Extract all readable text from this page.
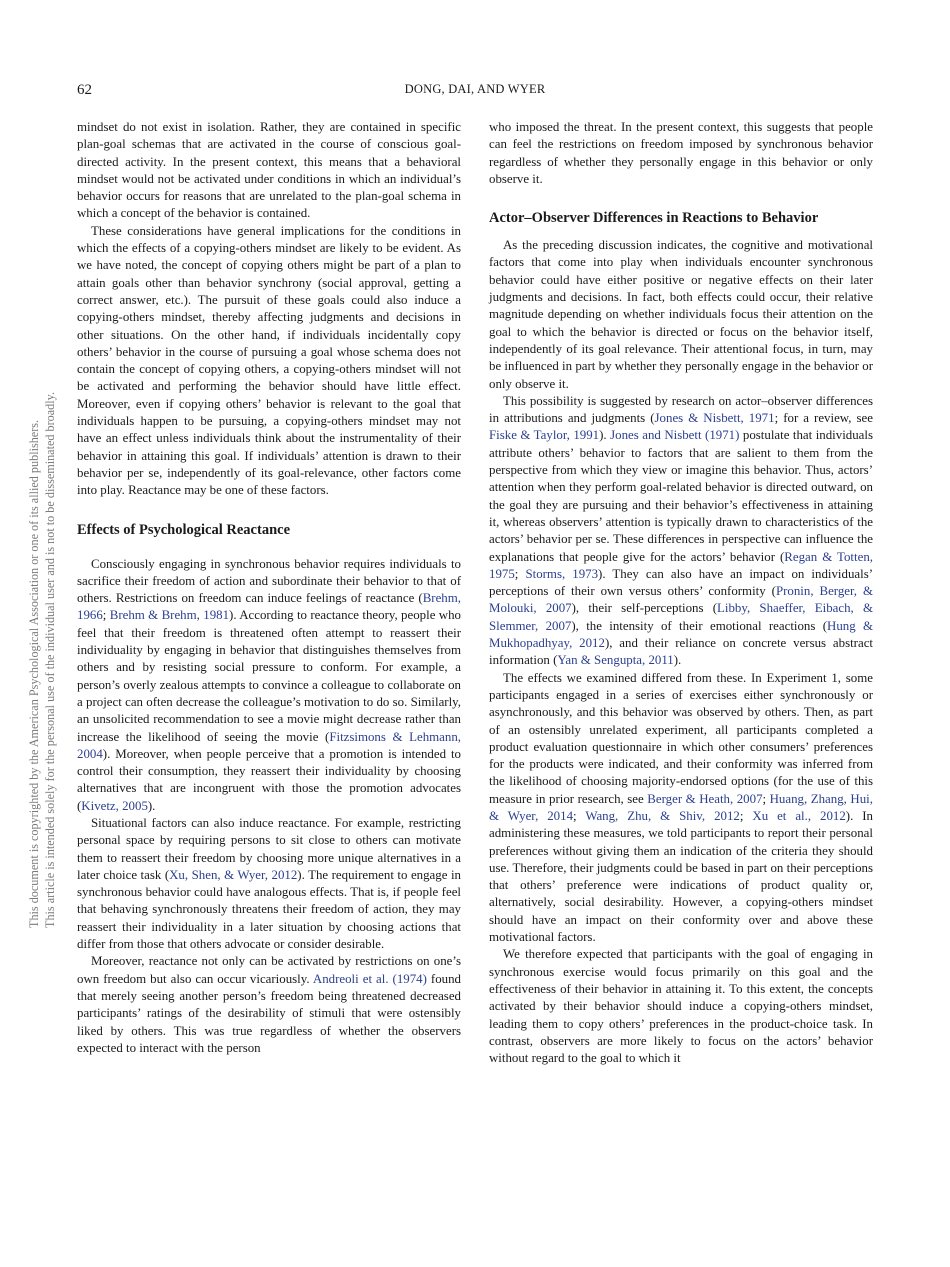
62	DONG, DAI, AND WYER
This document is copyrighted by the American Psychological Association or one of its allied publishers. This article is intended solely for the personal use of the individual user and is not to be disseminated broadly.

mindset do not exist in isolation. Rather, they are contained in specific plan-goal schemas that are activated in the course of conscious goal-directed activity. In the present context, this means that a behavioral mindset would not be activated under conditions in which an individual’s behavior occurs for reasons that are unrelated to the plan-goal schema in which a concept of the behavior is contained.

These considerations have general implications for the conditions in which the effects of a copying-others mindset are likely to be evident. As we have noted, the concept of copying others might be part of a plan to attain goals other than behavior synchrony (social approval, getting a correct answer, etc.). The pursuit of these goals could also induce a copying-others mindset, thereby affecting judgments and decisions in other situations. On the other hand, if individuals incidentally copy others’ behavior in the course of pursuing a goal whose schema does not contain the concept of copying others, a copying-others mindset will not be activated and performing the behavior should have little effect. Moreover, even if copying others’ behavior is relevant to the goal that individuals happen to be pursuing, a copying-others mindset may not have an effect unless individuals think about the instrumentality of their behavior in attaining this goal. If individuals’ attention is drawn to their behavior per se, independently of its goal-relevance, other factors come into play. Reactance may be one of these factors.

Effects of Psychological Reactance

Consciously engaging in synchronous behavior requires individuals to sacrifice their freedom of action and subordinate their behavior to that of others. Restrictions on freedom can induce feelings of reactance (Brehm, 1966; Brehm & Brehm, 1981). According to reactance theory, people who feel that their freedom is threatened often attempt to reassert their individuality by engaging in behavior that distinguishes themselves from others and by resisting social pressure to conform. For example, a person’s overly zealous attempts to convince a colleague to collaborate on a project can often decrease the colleague’s motivation to do so. Similarly, an unsolicited recommendation to see a movie might decrease rather than increase the likelihood of seeing the movie (Fitzsimons & Lehmann, 2004). Moreover, when people perceive that a promotion is intended to control their consumption, they reassert their individuality by choosing alternatives that are incongruent with those the promotion advocates (Kivetz, 2005).

Situational factors can also induce reactance. For example, restricting personal space by requiring persons to sit close to others can motivate them to reassert their freedom by choosing more unique alternatives in a later choice task (Xu, Shen, & Wyer, 2012). The requirement to engage in synchronous behavior could have analogous effects. That is, if people feel that behaving synchronously threatens their freedom of action, they may reassert their individuality in a later situation by choosing actions that differ from those that others advocate or consider desirable.

Moreover, reactance not only can be activated by restrictions on one’s own freedom but also can occur vicariously. Andreoli et al. (1974) found that merely seeing another person’s freedom being threatened decreased participants’ ratings of the desirability of stimuli that were ostensibly liked by others. This was true regardless of whether the observers expected to interact with the person

who imposed the threat. In the present context, this suggests that people can feel the restrictions on freedom imposed by synchronous behavior regardless of whether they personally engage in this behavior or only observe it.

Actor–Observer Differences in Reactions to Behavior

As the preceding discussion indicates, the cognitive and motivational factors that come into play when individuals encounter synchronous behavior could have either positive or negative effects on their later judgments and decisions. In fact, both effects could occur, their relative magnitude depending on whether individuals focus their attention on the goal to which the behavior is directed or focus on the behavior itself, independently of its goal relevance. Their attentional focus, in turn, may be influenced in part by whether they personally engage in the behavior or only observe it.

This possibility is suggested by research on actor–observer differences in attributions and judgments (Jones & Nisbett, 1971; for a review, see Fiske & Taylor, 1991). Jones and Nisbett (1971) postulate that individuals attribute others’ behavior to factors that are salient to them from the perspective from which they view or imagine this behavior. Thus, actors’ attention when they perform goal-related behavior is directed outward, on the goal they are pursuing and their behavior’s effectiveness in attaining it, whereas observers’ attention is typically drawn to characteristics of the actors’ behavior per se. These differences in perspective can influence the explanations that people give for the actors’ behavior (Regan & Totten, 1975; Storms, 1973). They can also have an impact on individuals’ perceptions of their own versus others’ conformity (Pronin, Berger, & Molouki, 2007), their self-perceptions (Libby, Shaeffer, Eibach, & Slemmer, 2007), the intensity of their emotional reactions (Hung & Mukhopadhyay, 2012), and their reliance on concrete versus abstract information (Yan & Sengupta, 2011).

The effects we examined differed from these. In Experiment 1, some participants engaged in a series of exercises either synchronously or asynchronously, and this behavior was observed by others. Then, as part of an ostensibly unrelated experiment, all participants completed a product evaluation questionnaire in which other consumers’ preferences for the products were indicated, and their conformity was inferred from the likelihood of choosing majority-endorsed options (for the use of this measure in prior research, see Berger & Heath, 2007; Huang, Zhang, Hui, & Wyer, 2014; Wang, Zhu, & Shiv, 2012; Xu et al., 2012). In administering these measures, we told participants to report their personal preferences without giving them an indication of the criteria they should use. Therefore, their judgments could be based in part on their perceptions that others’ preference were indications of product quality or, alternatively, social desirability. However, a copying-others mindset should have an impact on their conformity over and above these motivational factors.

We therefore expected that participants with the goal of engaging in synchronous exercise would focus primarily on this goal and the effectiveness of their behavior in attaining it. To this extent, the concepts activated by their behavior should induce a copying-others mindset, leading them to copy others’ preferences in the product-choice task. In contrast, observers are more likely to focus on the actors’ behavior without regard to the goal to which it
